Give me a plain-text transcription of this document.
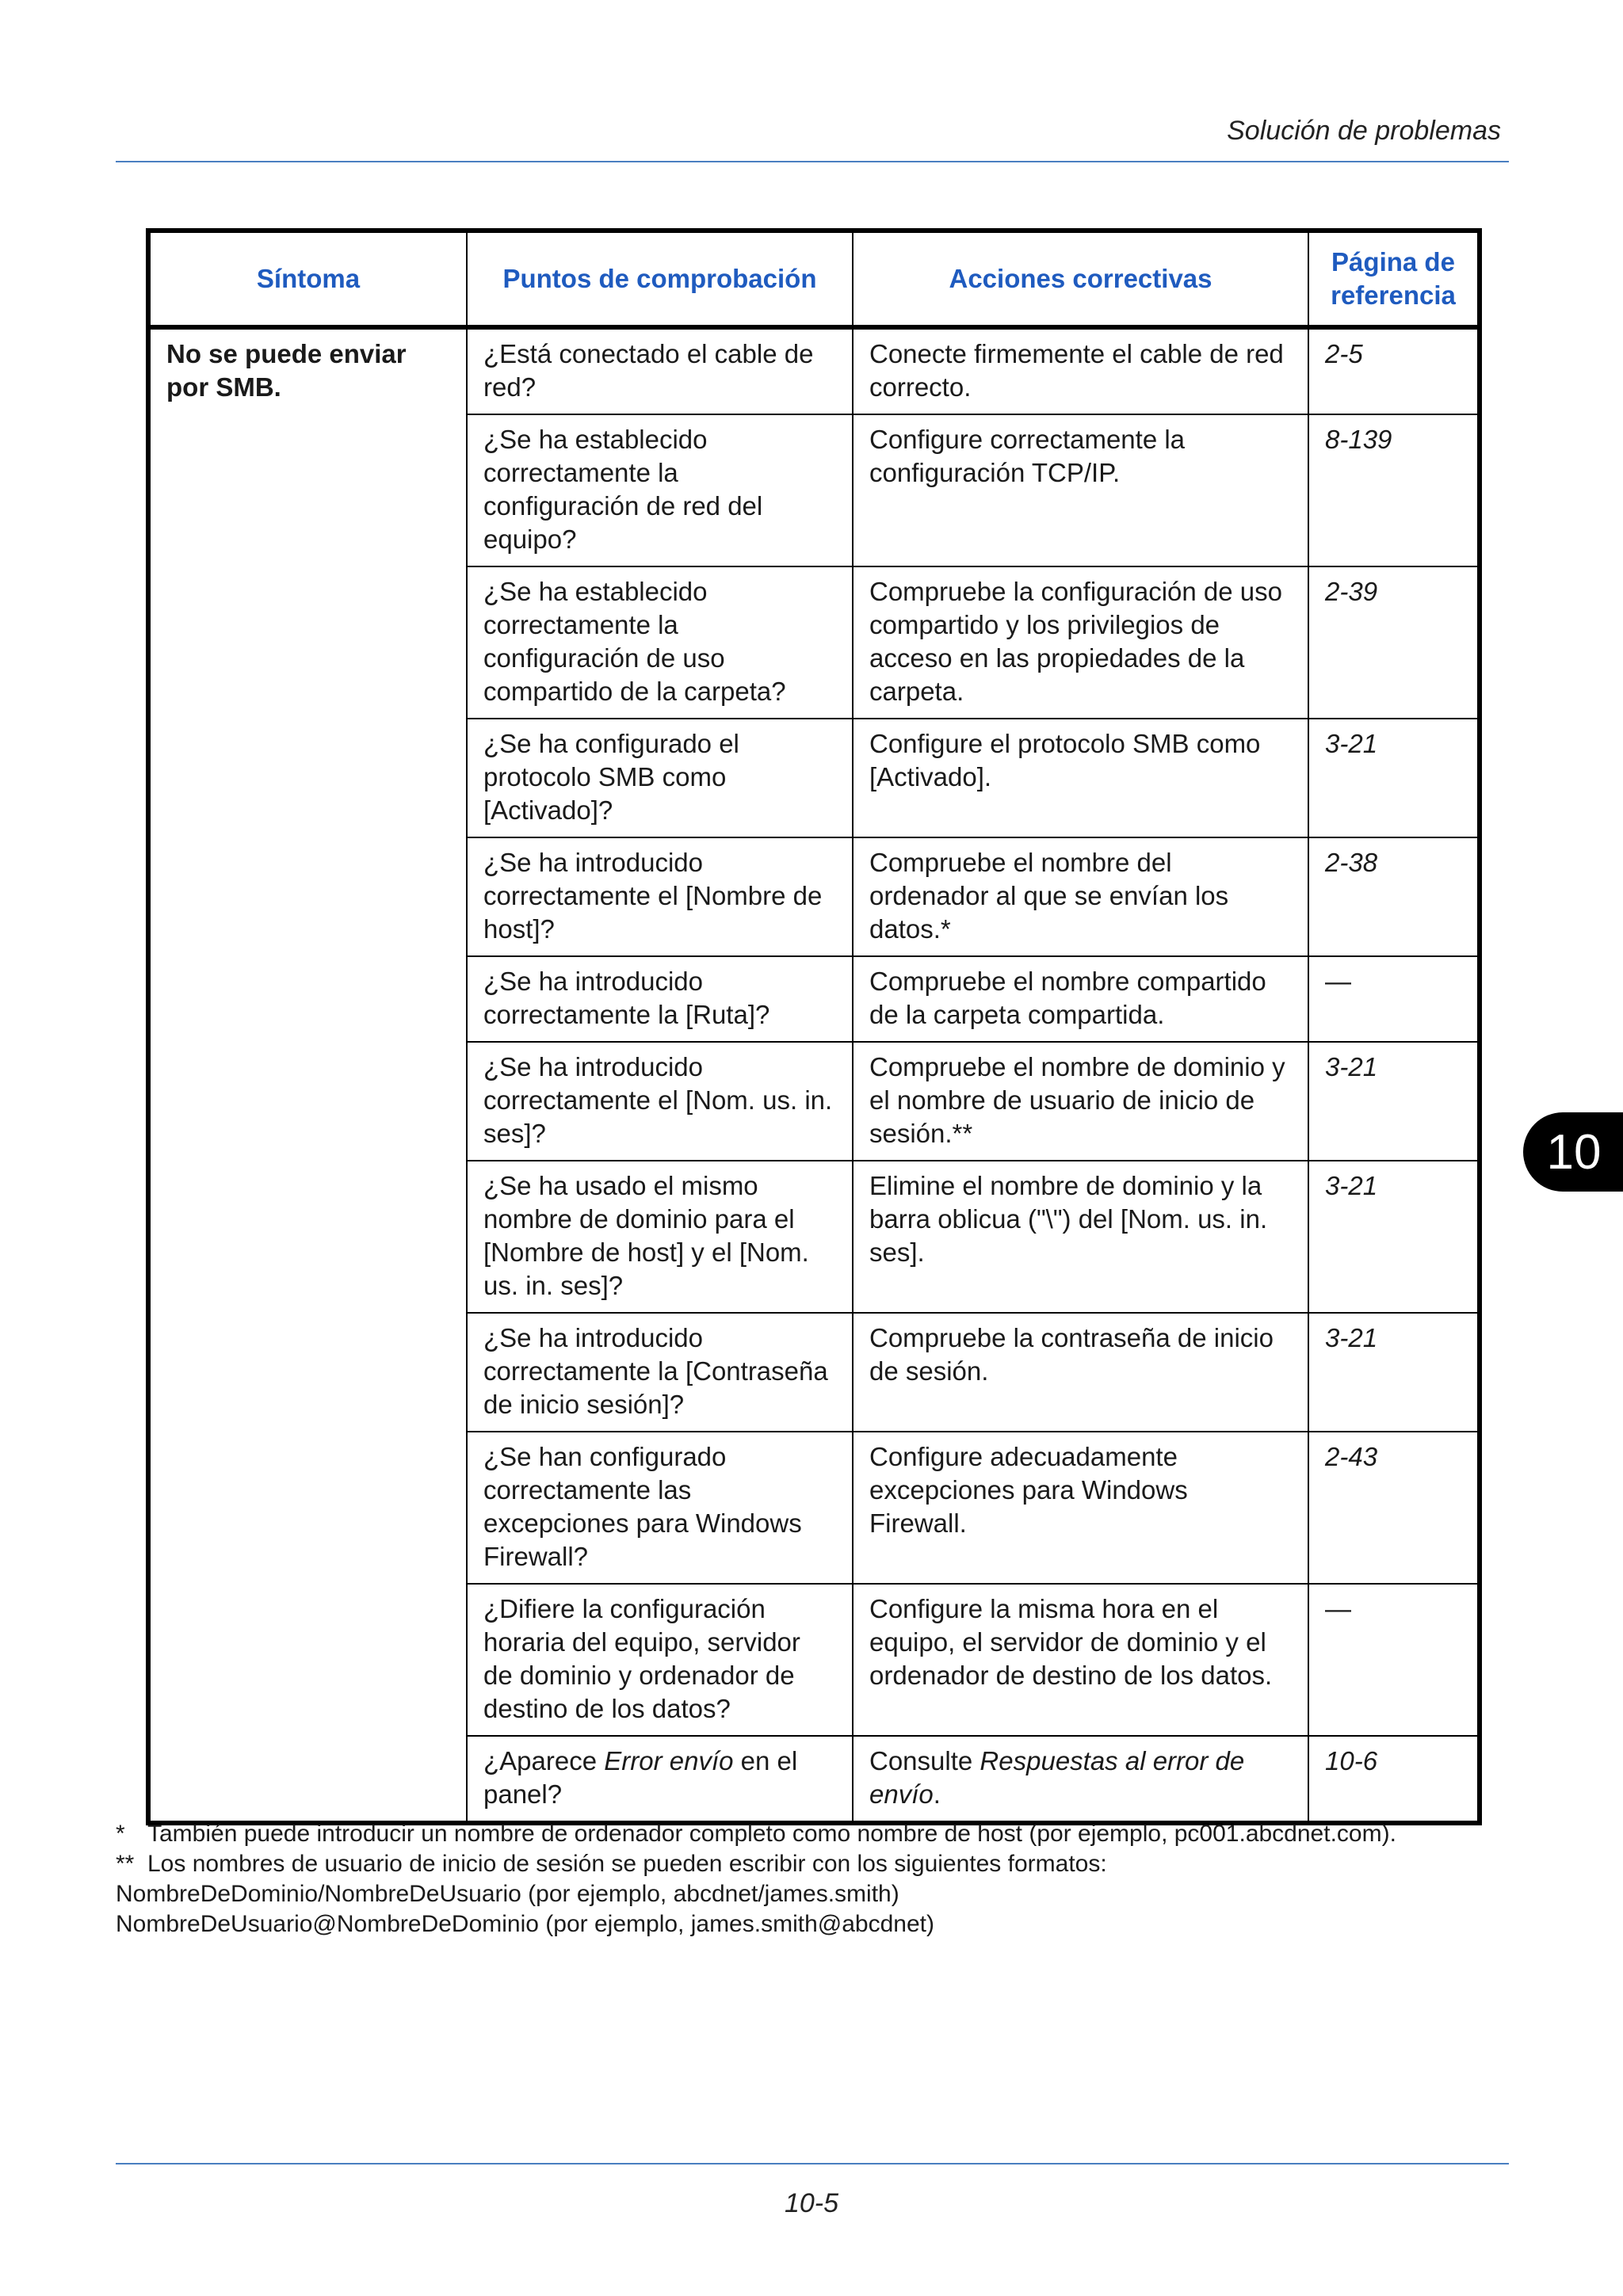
Solución de problemas
Síntoma	Puntos de comprobación	Acciones correctivas	Página de referencia
No se puede enviar por SMB.	¿Está conectado el cable de red?	Conecte firmemente el cable de red correcto.	2-5
	¿Se ha establecido correctamente la configuración de red del equipo?	Configure correctamente la configuración TCP/IP.	8-139
	¿Se ha establecido correctamente la configuración de uso compartido de la carpeta?	Compruebe la configuración de uso compartido y los privilegios de acceso en las propiedades de la carpeta.	2-39
	¿Se ha configurado el protocolo SMB como [Activado]?	Configure el protocolo SMB como [Activado].	3-21
	¿Se ha introducido correctamente el [Nombre de host]?	Compruebe el nombre del ordenador al que se envían los datos.*	2-38
	¿Se ha introducido correctamente la [Ruta]?	Compruebe el nombre compartido de la carpeta compartida.	—
	¿Se ha introducido correctamente el [Nom. us. in. ses]?	Compruebe el nombre de dominio y el nombre de usuario de inicio de sesión.**	3-21
	¿Se ha usado el mismo nombre de dominio para el [Nombre de host] y el [Nom. us. in. ses]?	Elimine el nombre de dominio y la barra oblicua ("\") del [Nom. us. in. ses].	3-21
	¿Se ha introducido correctamente la [Contraseña de inicio sesión]?	Compruebe la contraseña de inicio de sesión.	3-21
	¿Se han configurado correctamente las excepciones para Windows Firewall?	Configure adecuadamente excepciones para Windows Firewall.	2-43
	¿Difiere la configuración horaria del equipo, servidor de dominio y ordenador de destino de los datos?	Configure la misma hora en el equipo, el servidor de dominio y el ordenador de destino de los datos.	—
	¿Aparece Error envío en el panel?	Consulte Respuestas al error de envío.	10-6
* También puede introducir un nombre de ordenador completo como nombre de host (por ejemplo, pc001.abcdnet.com).
** Los nombres de usuario de inicio de sesión se pueden escribir con los siguientes formatos:
NombreDeDominio/NombreDeUsuario (por ejemplo, abcdnet/james.smith)
NombreDeUsuario@NombreDeDominio (por ejemplo, james.smith@abcdnet)
10
10-5
